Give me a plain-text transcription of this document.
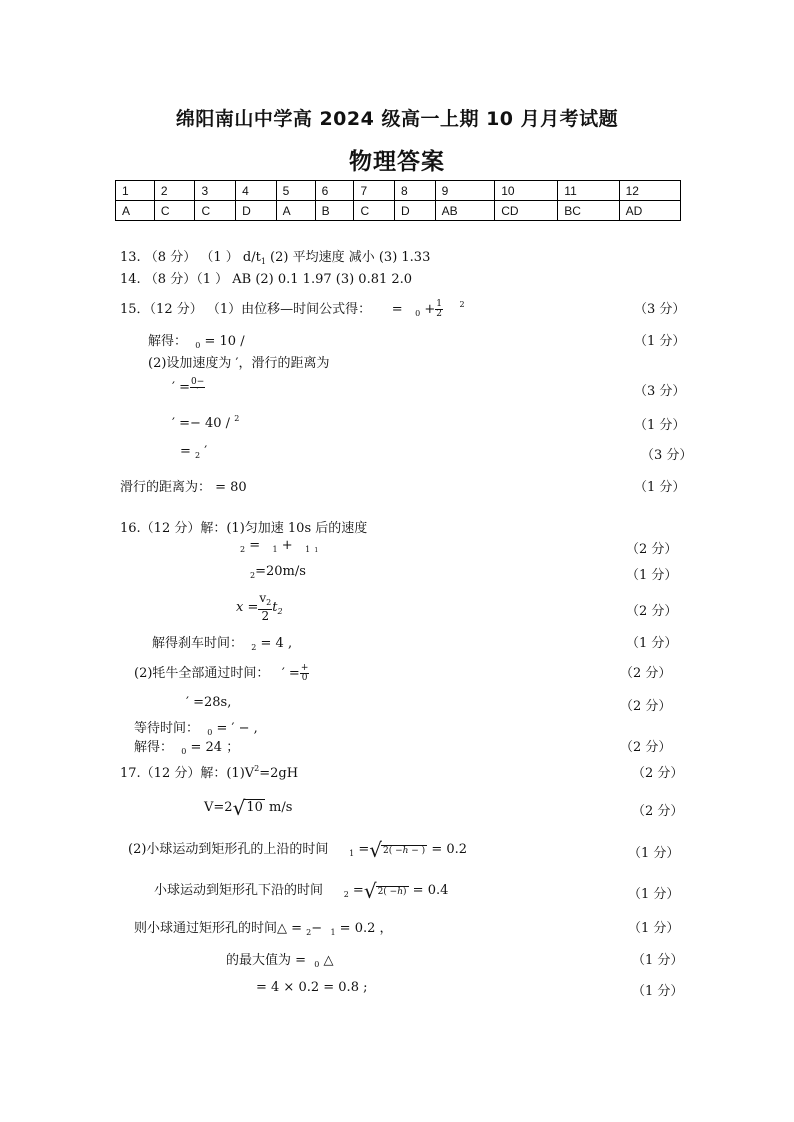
绵阳南山中学高 2024 级高一上期 10 月月考试题
物理答案
1	2	3	4	5	6	7	8	9	10	11	12
A	C	C	D	A	B	C	D	AB	CD	BC	AD
13. （8 分） （1 ） $d/t_1$ (2) 平均速度 减小 (3) 1.33
14. （8 分）（1 ） AB (2) 0.1 1.97 (3) 0.81 2.0
15．（12 分） （1）由位移—时间公式得： = $_0 + \frac{1}{2} ^2$	（3 分）
解得： $_0$ = 10 /	（1 分）
(2)设加速度为 ′，滑行的距离为
′ = $\frac{0-}{'}$	（3 分）
′ =− 40 / $^2$	（1 分）
= $_2$ ′	（3 分）
滑行的距离为： = 80	（1 分）
16.（12 分）解：(1)匀加速 10s 后的速度
$_2$ = $_1$ + $_1$ $_1$	（2 分）
$_2$=20m/s	（1 分）
$x = \frac{v_2}{2} t_2$	（2 分）
解得刹车时间： $_2$ = 4 ,	（1 分）
(2)牦牛全部通过时间： ′ = $\frac{+}{0}$	（2 分）
′ =28s,	（2 分）
等待时间： $_0$ = ′ − ,
解得： $_0$ = 24 ；	（2 分）
17.（12 分）解：$(1)V^2=2gH$	（2 分）
V=2√10 m/s	（2 分）
(2)小球运动到矩形孔的上沿的时间	$_1$ =√2( −ℎ − ) = 0.2	（1 分）
小球运动到矩形孔下沿的时间	$_2$ =√2( −ℎ) = 0.4	（1 分）
则小球通过矩形孔的时间△ = $_2$− $_1$ = 0.2 ，	（1 分）
的最大值为 = $_0$ △	（1 分）
= 4 × 0.2 = 0.8 ;	（1 分）
